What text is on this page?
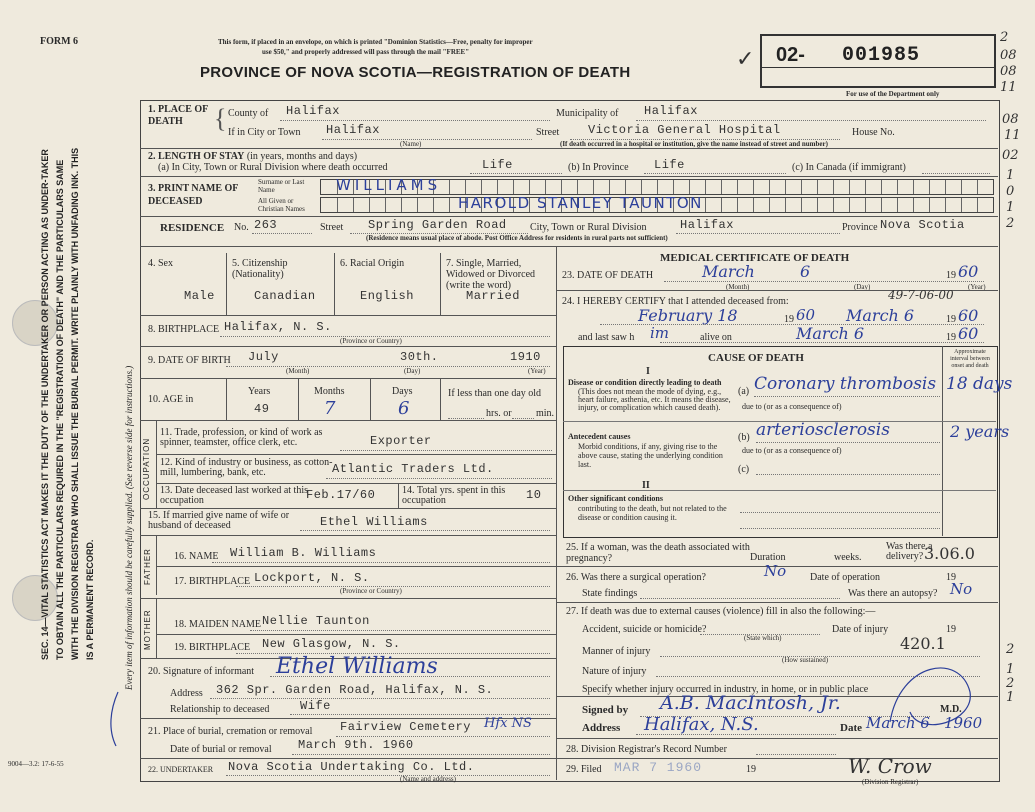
FORM 6	This form, if placed in an envelope, on which is printed "Dominion Statistics—Free, penalty for improper
use $50," and properly addressed will pass through the mail "FREE"
PROVINCE OF NOVA SCOTIA—REGISTRATION OF DEATH
02- 001985
For use of the Department only
✓
2
08
08
11
SEC. 14—VITAL STATISTICS ACT MAKES IT THE DUTY OF THE UNDERTAKER OR PERSON ACTING AS UNDER-TAKER TO OBTAIN ALL THE PARTICULARS REQUIRED IN THE "REGISTRATION OF DEATH" AND THE PARTICULARS SAME WITH THE DIVISION REGISTRAR WHO SHALL ISSUE THE BURIAL PERMIT. WRITE PLAINLY WITH UNFADING INK. THIS IS A PERMANENT RECORD.	Every item of information should be carefully supplied. (See reverse side for instructions.)
9004—3.2: 17-6-55
1. PLACE OF DEATH	{ County of Halifax	Municipality of Halifax
If in City or Town Halifax
(Name)
Street Victoria General Hospital	House No.
(If death occurred in a hospital or institution, give the name instead of street and number)
2. LENGTH OF STAY (in years, months and days)
(a) In City, Town or Rural Division where death occurred	Life	(b) In Province Life	(c) In Canada (if immigrant)
3. PRINT NAME OF DECEASED
Surname or Last Name
All Given or Christian Names
WILLIAMS
HAROLD STANLEY TAUNTON
RESIDENCE No. 263	Street Spring Garden Road City, Town or Rural Division	Halifax	Province Nova Scotia
(Residence means usual place of abode. Post Office Address for residents in rural parts not sufficient)
4. Sex	5. Citizenship (Nationality)
6. Racial Origin	7. Single, Married, Widowed or Divorced (write the word)
Male	Canadian	English	Married
8. BIRTHPLACE Halifax, N. S.
(Province or Country)
9. DATE OF BIRTH July	30th.	1910
(Month)	(Day)	(Year)
10. AGE in
Years	Months	Days
49	7	6
If less than one day old
hrs. or min.
OCCUPATION
11. Trade, profession, or kind of work as spinner, teamster, office clerk, etc.	Exporter
12. Kind of industry or business, as cotton-mill, lumbering, bank, etc.	Atlantic Traders Ltd.
13. Date deceased last worked at this occupation	Feb.17/60	14. Total yrs. spent in this occupation	10
15. If married give name of wife or husband of deceased	Ethel Williams
FATHER 16. NAME William B. Williams
17. BIRTHPLACE Lockport, N. S.
(Province or Country)
MOTHER 18. MAIDEN NAME Nellie Taunton
19. BIRTHPLACE New Glasgow, N. S.
20. Signature of informant Ethel Williams
Address 362 Spr. Garden Road, Halifax, N. S.
Relationship to deceased	Wife
21. Place of burial, cremation or removal Fairview Cemetery Hfx NS
Date of burial or removal March 9th. 1960
22. UNDERTAKER Nova Scotia Undertaking Co. Ltd.
(Name and address)
MEDICAL CERTIFICATE OF DEATH
23. DATE OF DEATH	March	6	19 60
(Month)	(Day)	(Year)
24. I HEREBY CERTIFY that I attended deceased from:	49-7-06-00
February 18	19 60 March 6	19 60
and last saw h im	alive on	March 6	19 60
CAUSE OF DEATH	Approximate interval between onset and death
I
Disease or condition directly leading to death
(This does not mean the mode of dying, e.g., heart failure, asthenia, etc. It means the disease, injury, or complication which caused death).
(a) Coronary thrombosis 18 days
due to (or as a consequence of)
Antecedent causes
Morbid conditions, if any, giving rise to the above cause, stating the underlying condition last.
(b) arteriosclerosis	2 years
due to (or as a consequence of)
(c)
II
Other significant conditions
contributing to the death, but not related to the disease or condition causing it.
25. If a woman, was the death associated with pregnancy?	Duration	weeks.
Was there a delivery? 3.06.0
26. Was there a surgical operation?	No Date of operation	19
State findings	Was there an autopsy? No
27. If death was due to external causes (violence) fill in also the following:—
Accident, suicide or homicide?
(State which)
Date of injury	19
420.1
Manner of injury
(How sustained)
Nature of injury
Specify whether injury occurred in industry, in home, or in public place
Signed by A.B. MacIntosh, Jr.	M.D.
Address Halifax, N.S.	Date March 6 1960
28. Division Registrar's Record Number
29. Filed MAR 7 1960	19	W. Crow
(Division Registrar)
08
11
02
1
0
1
2
2
1
2
1
